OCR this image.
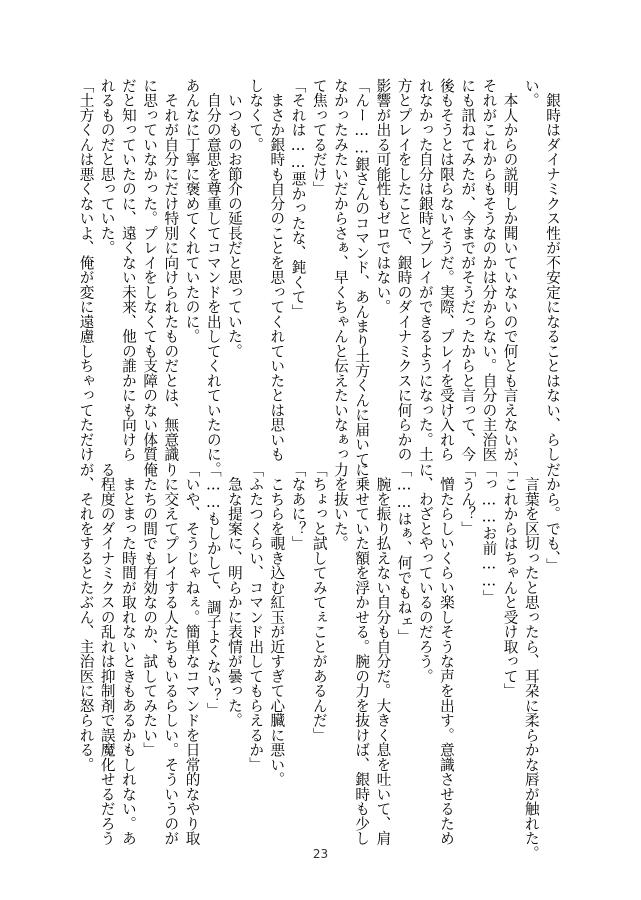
　銀時はダイナミクス性が不安定になることはない、らし
い。
　本人からの説明しか聞いていないので何とも言えないが、
それがこれからもそうなのかは分からない。自分の主治医
にも訊ねてみたが、今までがそうだったからと言って、今
後もそうとは限らないそうだ。実際、プレイを受け入れら
れなかった自分は銀時とプレイができるようになった。土
方とプレイをしたことで、銀時のダイナミクスに何らかの
影響が出る可能性もゼロではない。
「んー……銀さんのコマンド、あんまり土方くんに届いて
なかったみたいだからさぁ、早くちゃんと伝えたいなぁっ
て焦ってるだけ」
「それは……悪かったな、鈍くて」
　まさか銀時も自分のことを思ってくれていたとは思いも
しなくて。
　いつものお節介の延長だと思っていた。
　自分の意思を尊重してコマンドを出してくれていたのに。
あんなに丁寧に褒めてくれていたのに。
　それが自分にだけ特別に向けられたものだとは、無意識
に思っていなかった。プレイをしなくても支障のない体質
だと知っていたのに、遠くない未来、他の誰かにも向けら
れるものだと思っていた。
「土方くんは悪くないよ、俺が変に遠慮しちゃってただけ
だから。でも、」
　言葉を区切ったと思ったら、耳朶に柔らかな唇が触れた。
「これからはちゃんと受け取って」
「っ……お前……」
「うん？」
　憎たらしいくらい楽しそうな声を出す。意識させるため
に、わざとやっているのだろう。
「……はぁ、何でもねェ」
　腕を振り払えない自分も自分だ。大きく息を吐いて、肩
に乗せていた額を浮かせる。腕の力を抜けば、銀時も少し
力を抜いた。
「ちょっと試してみてぇことがあるんだ」
「なあに？」
　こちらを覗き込む紅玉が近すぎて心臓に悪い。
「ふたつくらい、コマンド出してもらえるか」
　急な提案に、明らかに表情が曇った。
「……もしかして、調子よくない？」
「いや、そうじゃねぇ。簡単なコマンドを日常的なやり取
りに交えてプレイする人たちもいるらしい。そういうのが
俺たちの間でも有効なのか、試してみたい」
　まとまった時間が取れないときもあるかもしれない。あ
る程度のダイナミクスの乱れは抑制剤で誤魔化せるだろう
が、それをするとたぶん、主治医に怒られる。
23
